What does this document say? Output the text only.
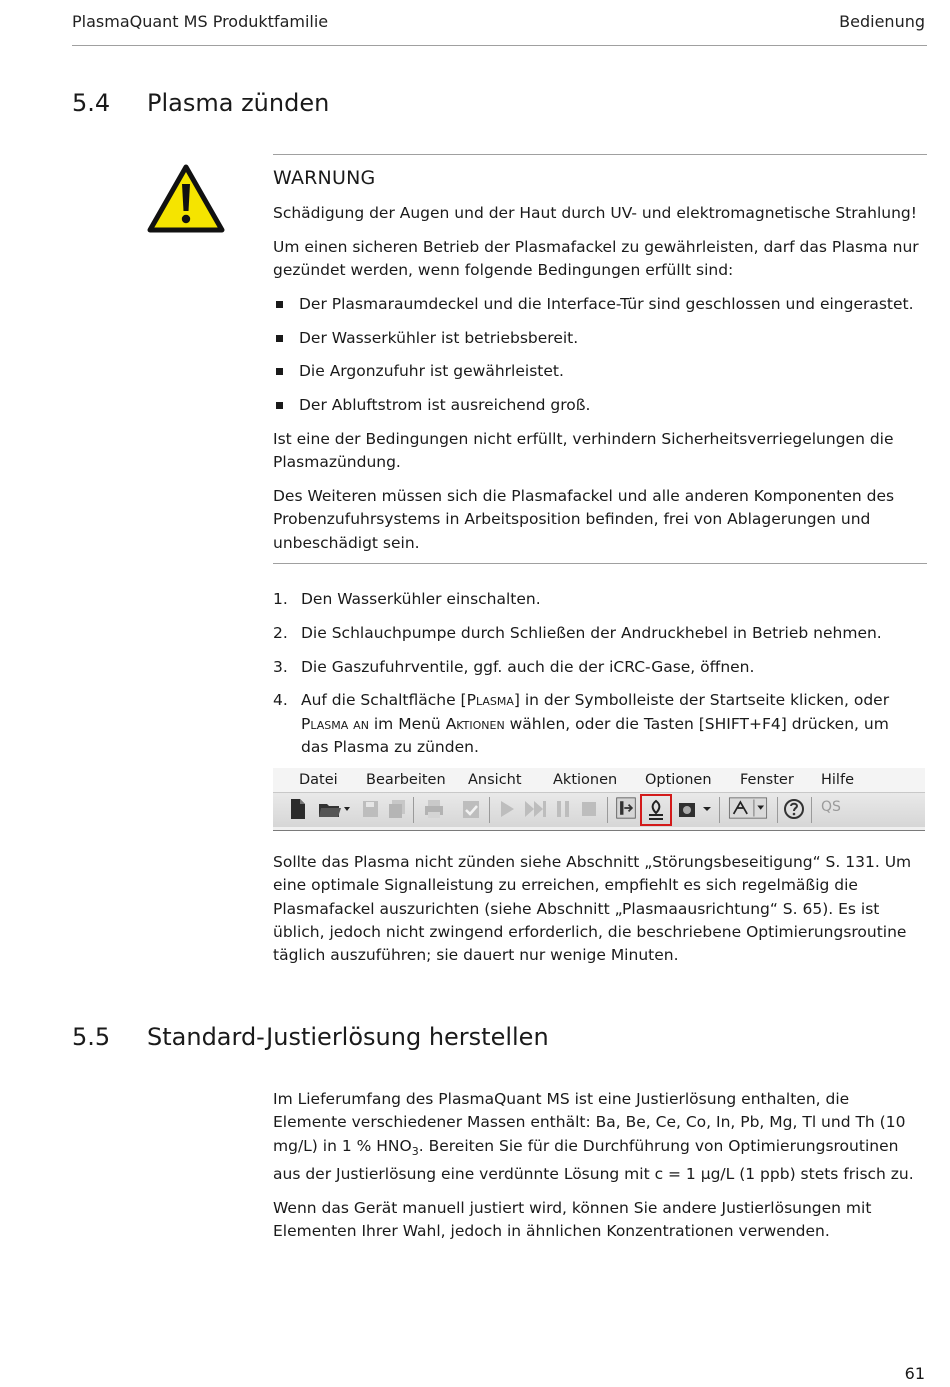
PlasmaQuant MS Produktfamilie	Bedienung
5.4 Plasma zünden
WARNUNG

Schädigung der Augen und der Haut durch UV- und elektromagnetische Strahlung!

Um einen sicheren Betrieb der Plasmafackel zu gewährleisten, darf das Plasma nur gezündet werden, wenn folgende Bedingungen erfüllt sind:

Der Plasmaraumdeckel und die Interface-Tür sind geschlossen und eingerastet.
Der Wasserkühler ist betriebsbereit.
Die Argonzufuhr ist gewährleistet.
Der Abluftstrom ist ausreichend groß.

Ist eine der Bedingungen nicht erfüllt, verhindern Sicherheitsverriegelungen die Plasmazündung.

Des Weiteren müssen sich die Plasmafackel und alle anderen Komponenten des Probenzufuhrsystems in Arbeitsposition befinden, frei von Ablagerungen und unbeschädigt sein.

1. Den Wasserkühler einschalten.
2. Die Schlauchpumpe durch Schließen der Andruckhebel in Betrieb nehmen.
3. Die Gaszufuhrventile, ggf. auch die der iCRC-Gase, öffnen.
4. Auf die Schaltfläche [Plasma] in der Symbolleiste der Startseite klicken, oder Plasma an im Menü Aktionen wählen, oder die Tasten [SHIFT+F4] drücken, um das Plasma zu zünden.
Datei Bearbeiten Ansicht Aktionen Optionen Fenster Hilfe
QS
Sollte das Plasma nicht zünden siehe Abschnitt „Störungsbeseitigung“ S. 131. Um eine optimale Signalleistung zu erreichen, empfiehlt es sich regelmäßig die Plasmafackel auszurichten (siehe Abschnitt „Plasmaausrichtung“ S. 65). Es ist üblich, jedoch nicht zwingend erforderlich, die beschriebene Optimierungsroutine täglich auszuführen; sie dauert nur wenige Minuten.
5.5 Standard-Justierlösung herstellen

Im Lieferumfang des PlasmaQuant MS ist eine Justierlösung enthalten, die Elemente verschiedener Massen enthält: Ba, Be, Ce, Co, In, Pb, Mg, Tl und Th (10 mg/L) in 1 % $HNO_3$. Bereiten Sie für die Durchführung von Optimierungsroutinen aus der Justierlösung eine verdünnte Lösung mit c = 1 µg/L (1 ppb) stets frisch zu.

Wenn das Gerät manuell justiert wird, können Sie andere Justierlösungen mit Elementen Ihrer Wahl, jedoch in ähnlichen Konzentrationen verwenden.

61
